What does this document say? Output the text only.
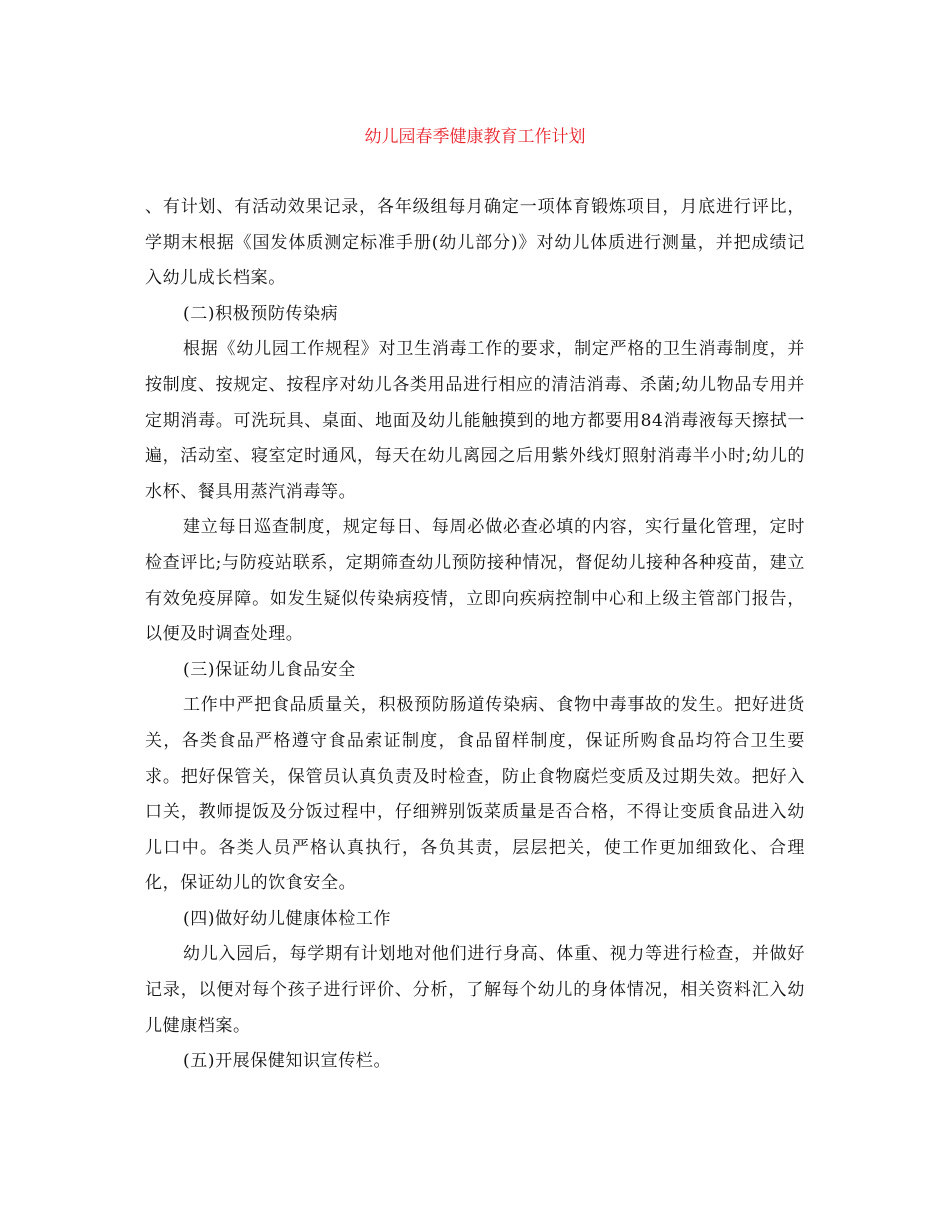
幼儿园春季健康教育工作计划

、有计划、有活动效果记录，各年级组每月确定一项体育锻炼项目，月底进行评比，学期末根据《国发体质测定标准手册(幼儿部分)》对幼儿体质进行测量，并把成绩记入幼儿成长档案。

(二)积极预防传染病

根据《幼儿园工作规程》对卫生消毒工作的要求，制定严格的卫生消毒制度，并按制度、按规定、按程序对幼儿各类用品进行相应的清洁消毒、杀菌;幼儿物品专用并定期消毒。可洗玩具、桌面、地面及幼儿能触摸到的地方都要用84消毒液每天擦拭一遍，活动室、寝室定时通风，每天在幼儿离园之后用紫外线灯照射消毒半小时;幼儿的水杯、餐具用蒸汽消毒等。

建立每日巡查制度，规定每日、每周必做必查必填的内容，实行量化管理，定时检查评比;与防疫站联系，定期筛查幼儿预防接种情况，督促幼儿接种各种疫苗，建立有效免疫屏障。如发生疑似传染病疫情，立即向疾病控制中心和上级主管部门报告，以便及时调查处理。

(三)保证幼儿食品安全

工作中严把食品质量关，积极预防肠道传染病、食物中毒事故的发生。把好进货关，各类食品严格遵守食品索证制度，食品留样制度，保证所购食品均符合卫生要求。把好保管关，保管员认真负责及时检查，防止食物腐烂变质及过期失效。把好入口关，教师提饭及分饭过程中，仔细辨别饭菜质量是否合格，不得让变质食品进入幼儿口中。各类人员严格认真执行，各负其责，层层把关，使工作更加细致化、合理化，保证幼儿的饮食安全。

(四)做好幼儿健康体检工作

幼儿入园后，每学期有计划地对他们进行身高、体重、视力等进行检查，并做好记录，以便对每个孩子进行评价、分析，了解每个幼儿的身体情况，相关资料汇入幼儿健康档案。

(五)开展保健知识宣传栏。
